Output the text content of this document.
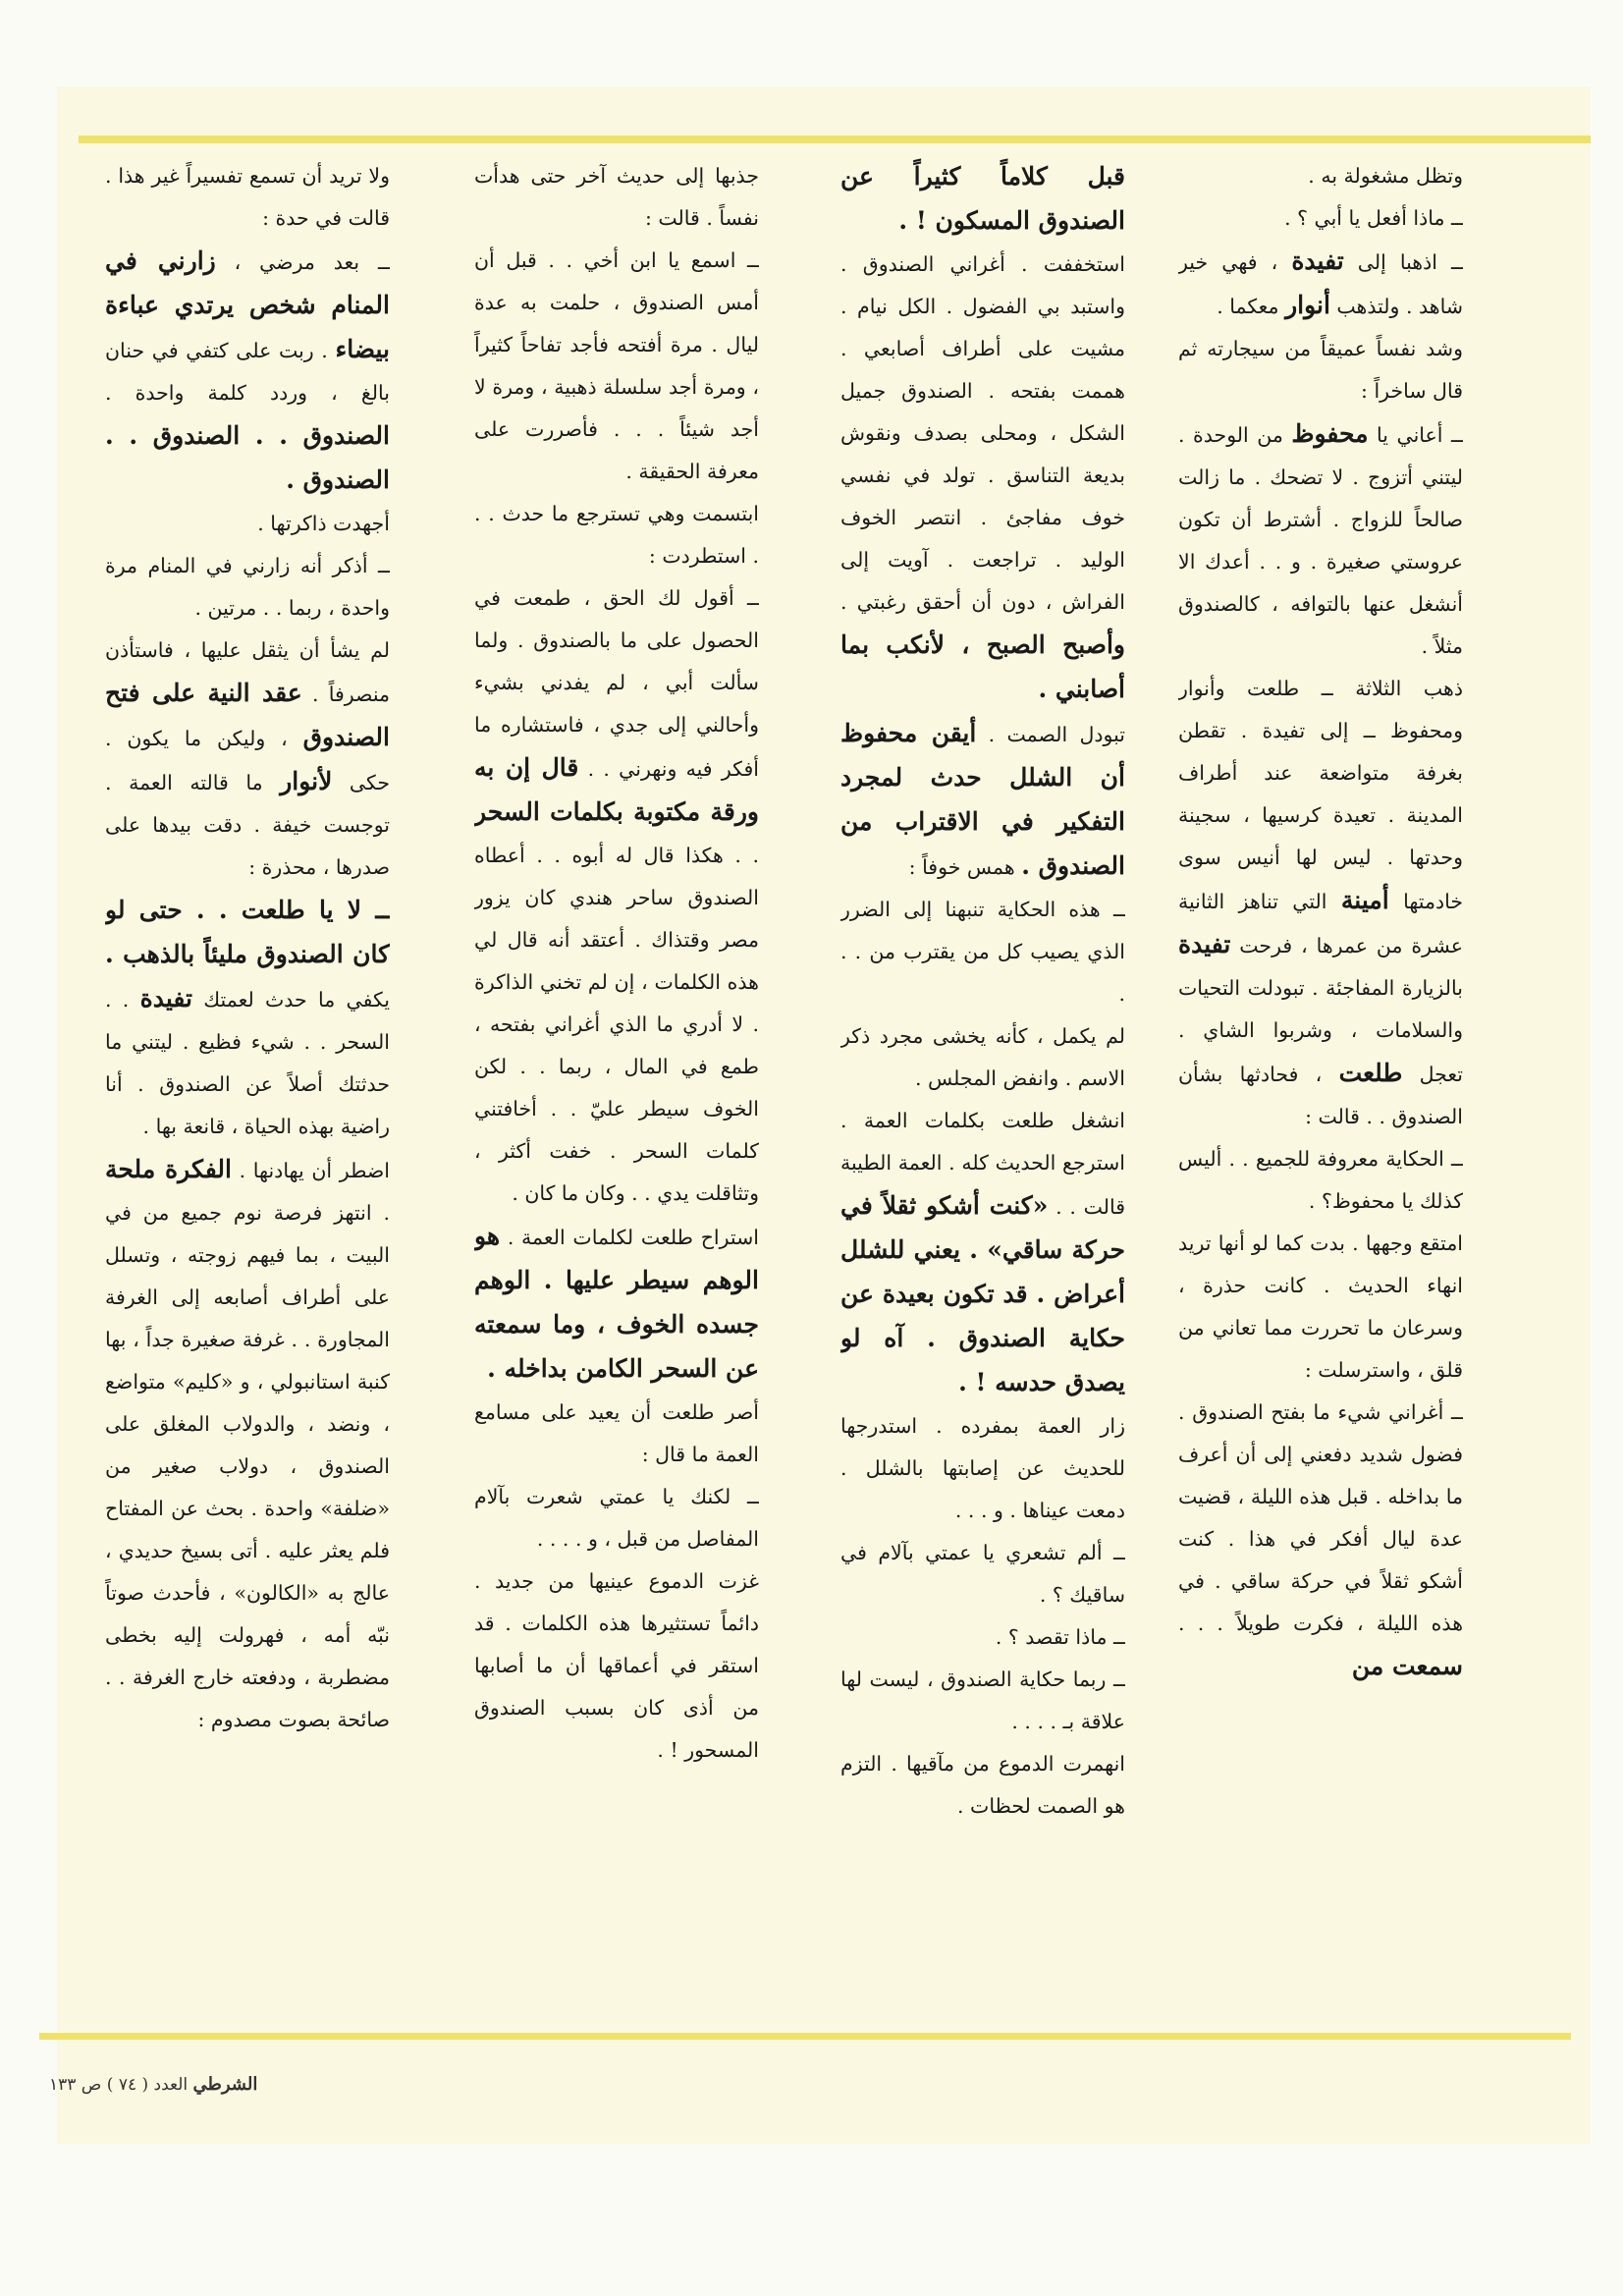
وتظل مشغولة به .

ــ ماذا أفعل يا أبي ؟ .

ــ اذهبا إلى تفيدة ، فهي خير شاهد . ولتذهب أنوار معكما .

وشد نفساً عميقاً من سيجارته ثم قال ساخراً :

ــ أعاني يا محفوظ من الوحدة . ليتني أتزوج . لا تضحك . ما زالت صالحاً للزواج . أشترط أن تكون عروستي صغيرة . و . . أعدك الا أنشغل عنها بالتوافه ، كالصندوق مثلاً .

ذهب الثلاثة ــ طلعت وأنوار ومحفوظ ــ إلى تفيدة . تقطن بغرفة متواضعة عند أطراف المدينة . تعيدة كرسيها ، سجينة وحدتها . ليس لها أنيس سوى خادمتها أمينة التي تناهز الثانية عشرة من عمرها ، فرحت تفيدة بالزيارة المفاجئة . تبودلت التحيات والسلامات ، وشربوا الشاي . تعجل طلعت ، فحادثها بشأن الصندوق . . قالت :

ــ الحكاية معروفة للجميع . . أليس كذلك يا محفوظ؟ .

امتقع وجهها . بدت كما لو أنها تريد انهاء الحديث . كانت حذرة ، وسرعان ما تحررت مما تعاني من قلق ، واسترسلت :

ــ أغراني شيء ما بفتح الصندوق . فضول شديد دفعني إلى أن أعرف ما بداخله . قبل هذه الليلة ، قضيت عدة ليال أفكر في هذا . كنت أشكو ثقلاً في حركة ساقي . في هذه الليلة ، فكرت طويلاً . . . سمعت من

قبل كلاماً كثيراً عن الصندوق المسكون ! .

استخففت . أغراني الصندوق . واستبد بي الفضول . الكل نيام . مشيت على أطراف أصابعي . هممت بفتحه . الصندوق جميل الشكل ، ومحلى بصدف ونقوش بديعة التناسق . تولد في نفسي خوف مفاجئ . انتصر الخوف الوليد . تراجعت . آويت إلى الفراش ، دون أن أحقق رغبتي . وأصبح الصبح ، لأنكب بما أصابني .

تبودل الصمت . أيقن محفوظ أن الشلل حدث لمجرد التفكير في الاقتراب من الصندوق . همس خوفاً :

ــ هذه الحكاية تنبهنا إلى الضرر الذي يصيب كل من يقترب من . . .

لم يكمل ، كأنه يخشى مجرد ذكر الاسم . وانفض المجلس .

انشغل طلعت بكلمات العمة . استرجع الحديث كله . العمة الطيبة قالت . . «كنت أشكو ثقلاً في حركة ساقي» . يعني للشلل أعراض . قد تكون بعيدة عن حكاية الصندوق . آه لو يصدق حدسه ! .

زار العمة بمفرده . استدرجها للحديث عن إصابتها بالشلل . دمعت عيناها . و . . .

ــ ألم تشعري يا عمتي بآلام في ساقيك ؟ .

ــ ماذا تقصد ؟ .

ــ ربما حكاية الصندوق ، ليست لها علاقة بـ . . . .

انهمرت الدموع من مآقيها . التزم هو الصمت لحظات .

جذبها إلى حديث آخر حتى هدأت نفساً . قالت :

ــ اسمع يا ابن أخي . . قبل أن أمس الصندوق ، حلمت به عدة ليال . مرة أفتحه فأجد تفاحاً كثيراً ، ومرة أجد سلسلة ذهبية ، ومرة لا أجد شيئاً . . . فأصررت على معرفة الحقيقة .

ابتسمت وهي تسترجع ما حدث . . . استطردت :

ــ أقول لك الحق ، طمعت في الحصول على ما بالصندوق . ولما سألت أبي ، لم يفدني بشيء وأحالني إلى جدي ، فاستشاره ما أفكر فيه ونهرني . . قال إن به ورقة مكتوبة بكلمات السحر . . هكذا قال له أبوه . . أعطاه الصندوق ساحر هندي كان يزور مصر وقتذاك . أعتقد أنه قال لي هذه الكلمات ، إن لم تخني الذاكرة . لا أدري ما الذي أغراني بفتحه ، طمع في المال ، ربما . . لكن الخوف سيطر عليّ . . أخافتني كلمات السحر . خفت أكثر ، وتثاقلت يدي . . وكان ما كان .

استراح طلعت لكلمات العمة . هو الوهم سيطر عليها . الوهم جسده الخوف ، وما سمعته عن السحر الكامن بداخله .

أصر طلعت أن يعيد على مسامع العمة ما قال :

ــ لكنك يا عمتي شعرت بآلام المفاصل من قبل ، و . . . .

غزت الدموع عينيها من جديد . دائماً تستثيرها هذه الكلمات . قد استقر في أعماقها أن ما أصابها من أذى كان بسبب الصندوق المسحور ! .

ولا تريد أن تسمع تفسيراً غير هذا . قالت في حدة :

ــ بعد مرضي ، زارني في المنام شخص يرتدي عباءة بيضاء . ربت على كتفي في حنان بالغ ، وردد كلمة واحدة . الصندوق . . الصندوق . . الصندوق .

أجهدت ذاكرتها .

ــ أذكر أنه زارني في المنام مرة واحدة ، ربما . . مرتين .

لم يشأ أن يثقل عليها ، فاستأذن منصرفاً . عقد النية على فتح الصندوق ، وليكن ما يكون . حكى لأنوار ما قالته العمة . توجست خيفة . دقت بيدها على صدرها ، محذرة :

ــ لا يا طلعت . . حتى لو كان الصندوق مليئاً بالذهب . يكفي ما حدث لعمتك تفيدة . . السحر . . شيء فظيع . ليتني ما حدثتك أصلاً عن الصندوق . أنا راضية بهذه الحياة ، قانعة بها .

اضطر أن يهادنها . الفكرة ملحة . انتهز فرصة نوم جميع من في البيت ، بما فيهم زوجته ، وتسلل على أطراف أصابعه إلى الغرفة المجاورة . . غرفة صغيرة جداً ، بها كنبة استانبولي ، و «كليم» متواضع ، ونضد ، والدولاب المغلق على الصندوق ، دولاب صغير من «ضلفة» واحدة . بحث عن المفتاح فلم يعثر عليه . أتى بسيخ حديدي ، عالج به «الكالون» ، فأحدث صوتاً نبّه أمه ، فهرولت إليه بخطى مضطربة ، ودفعته خارج الغرفة . . صائحة بصوت مصدوم :

الشرطي العدد ( ٧٤ ) ص ١٣٣
